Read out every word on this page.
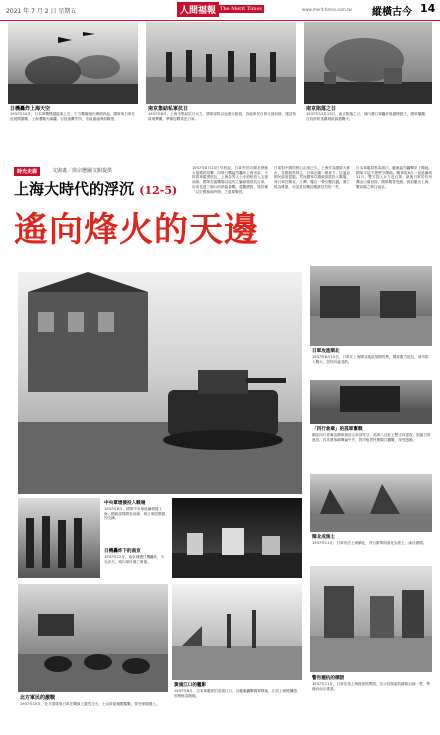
2021 年 7 月 2 日 星期五	人間福報 The Merit Times	www.merit-times.com.tw 縱橫古今 14
日機轟炸上海天空
1937年10月，日本軍機飛越滬東上空，下方戰禍頻仍煙硝四起，國軍與日軍在此展開激戰，上海遭戰火蹂躪，百姓流離失所，市區處處殘垣斷壁。
南京集結私軍抗日
1937年8月，上海市集結抗日兵力，國軍部隊沿途進行動員，各地軍民自發支援前線，運送物資與彈藥，準備迎戰來犯日軍。
南京陷落之日
1937年12月13日，南京陷落之日，城內遭日軍轟炸後濃煙竄天，國軍撤離，百姓紛紛逃離城區躲避戰火。
時光走廊	文與畫／徐宗懋圖文館提供
上海大時代的浮沉 (12-5)
遙向烽火的天邊
1937年8月13日早晨起，日軍突然向閘北發動大規模的攻擊，同時日機猛烈轟炸上海市區。不料我軍奮勇抵抗，上海各界人士亦紛紛投入支援前線。國軍在滬戰場以血肉之軀頑強抵抗日軍，形成長達三個月的淞滬會戰，震驚國際，後世稱「以空間換取時間」之重要戰役。
日軍對中國的野心由來已久，上海作為國際大都市，各國租界林立，日軍企圖一舉拿下，以逼迫國民政府屈服。然而國軍以精銳部隊投入戰場，與日軍在閘北、江灣、羅店一帶反覆拉鋸，傷亡極為慘重，可說是抗戰初期最壯烈的一頁。
日本軍艦群集黃浦江，艦砲猛烈轟擊岸上陣地，國軍不屈不撓堅守陣地。戰事從8月一直延續到11月，雙方投入兵力近百萬。最後日軍於杭州灣金山衛登陸，國軍腹背受敵，被迫撤出上海，戰局隨之移往南京。
日軍攻進閘北
1937年8月15日，日軍在上海閘北地區展開攻勢，國軍奮力抵抗，城市陷入戰火，居民四處逃散。
「四行倉庫」的孤軍奮戰
閘北四行倉庫由國軍謝晉元率部死守，孤軍八百壯士堅守四晝夜，阻擋日軍進攻，其英勇事蹟傳遍中外，對岸租界民眾隔江觀戰，深受感動。
閘北成焦土
1937年11月，日軍攻佔上海閘北，昔日繁華街道化為焦土，滿目瘡痍。
警告滬杭的標語
1937年11月，日軍佔領上海後張貼標語，宣示控制滬杭鐵路沿線一帶，準備向南京推進。
中央軍增援投入戰場
1937年8月，國軍中央軍陸續增援上海，精銳部隊開赴前線，與日軍展開激烈交鋒。
日機轟炸下的南京
1937年12月，南京城遭日機轟炸，火光沖天，城內軍民傷亡慘重。
北方軍民的激戰
1937年10月，北方部隊與日軍在戰線上激烈交火，士兵倚靠掩體奮戰，誓死保衛國土。
黃浦江口的艦影
1937年8月，日本軍艦停泊黃浦江口，以艦砲轟擊國軍陣地，江面上硝煙瀰漫，形勢極為險峻。
